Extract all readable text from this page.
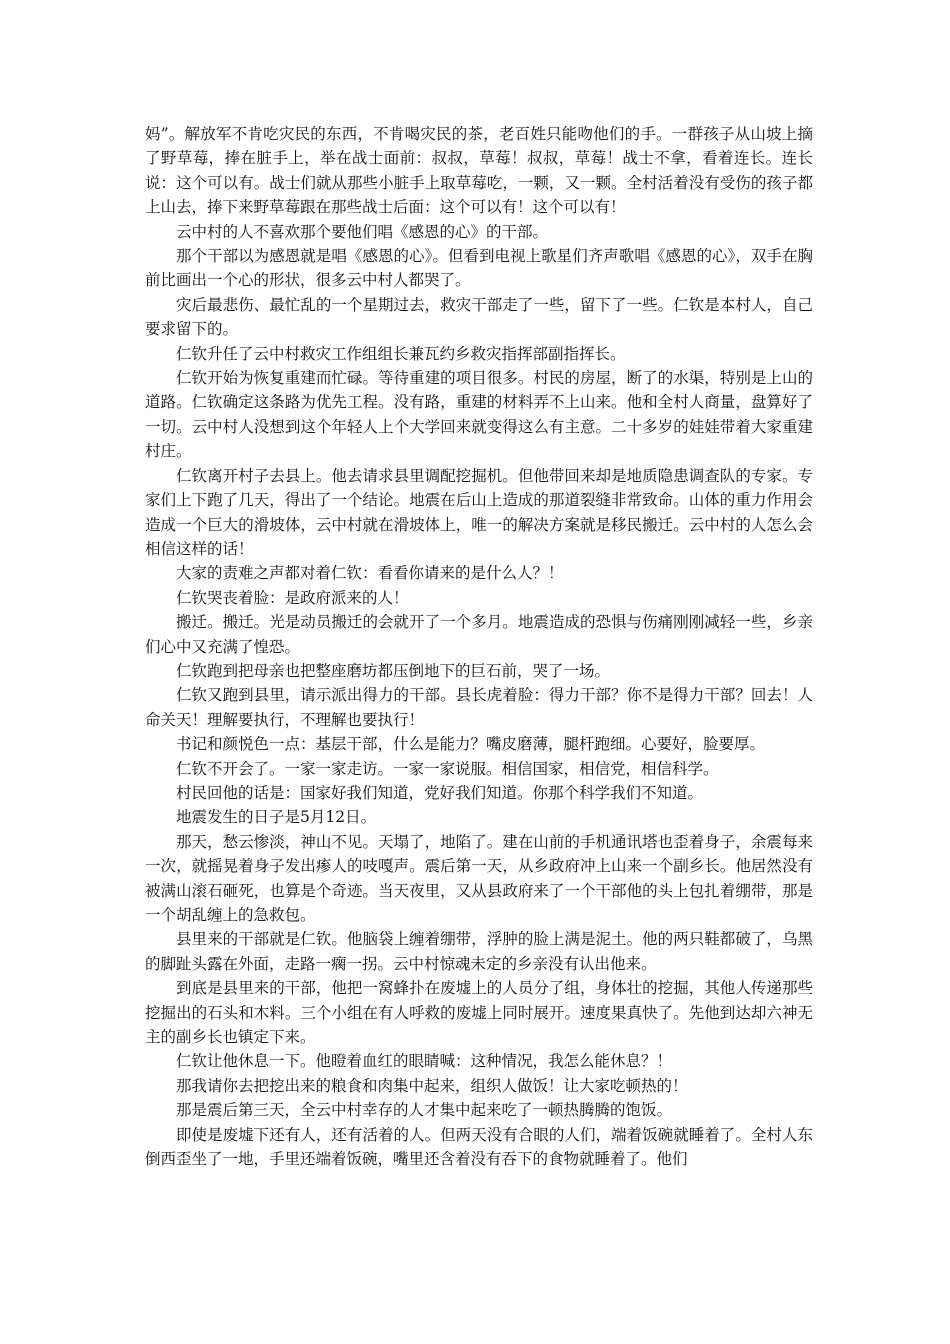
妈”。解放军不肯吃灾民的东西，不肯喝灾民的茶，老百姓只能吻他们的手。一群孩子从山坡上摘了野草莓，捧在脏手上，举在战士面前：叔叔，草莓！叔叔，草莓！战士不拿，看着连长。连长说：这个可以有。战士们就从那些小脏手上取草莓吃，一颗，又一颗。全村活着没有受伤的孩子都上山去，捧下来野草莓跟在那些战士后面：这个可以有！这个可以有！

云中村的人不喜欢那个要他们唱《感恩的心》的干部。

那个干部以为感恩就是唱《感恩的心》。但看到电视上歌星们齐声歌唱《感恩的心》，双手在胸前比画出一个心的形状，很多云中村人都哭了。

灾后最悲伤、最忙乱的一个星期过去，救灾干部走了一些，留下了一些。仁钦是本村人，自己要求留下的。

仁钦升任了云中村救灾工作组组长兼瓦约乡救灾指挥部副指挥长。

仁钦开始为恢复重建而忙碌。等待重建的项目很多。村民的房屋，断了的水渠，特别是上山的道路。仁钦确定这条路为优先工程。没有路，重建的材料弄不上山来。他和全村人商量，盘算好了一切。云中村人没想到这个年轻人上个大学回来就变得这么有主意。二十多岁的娃娃带着大家重建村庄。

仁钦离开村子去县上。他去请求县里调配挖掘机。但他带回来却是地质隐患调查队的专家。专家们上下跑了几天，得出了一个结论。地震在后山上造成的那道裂缝非常致命。山体的重力作用会造成一个巨大的滑坡体，云中村就在滑坡体上，唯一的解决方案就是移民搬迁。云中村的人怎么会相信这样的话！

大家的责难之声都对着仁钦：看看你请来的是什么人？！

仁钦哭丧着脸：是政府派来的人！

搬迁。搬迁。光是动员搬迁的会就开了一个多月。地震造成的恐惧与伤痛刚刚减轻一些，乡亲们心中又充满了惶恐。

仁钦跑到把母亲也把整座磨坊都压倒地下的巨石前，哭了一场。

仁钦又跑到县里，请示派出得力的干部。县长虎着脸：得力干部？你不是得力干部？回去！人命关天！理解要执行，不理解也要执行！

书记和颜悦色一点：基层干部，什么是能力？嘴皮磨薄，腿杆跑细。心要好，脸要厚。

仁钦不开会了。一家一家走访。一家一家说服。相信国家，相信党，相信科学。

村民回他的话是：国家好我们知道，党好我们知道。你那个科学我们不知道。

地震发生的日子是5月12日。

那天，愁云惨淡，神山不见。天塌了，地陷了。建在山前的手机通讯塔也歪着身子，余震每来一次，就摇晃着身子发出瘆人的吱嘎声。震后第一天，从乡政府冲上山来一个副乡长。他居然没有被满山滚石砸死，也算是个奇迹。当天夜里，又从县政府来了一个干部他的头上包扎着绷带，那是一个胡乱缠上的急救包。

县里来的干部就是仁钦。他脑袋上缠着绷带，浮肿的脸上满是泥土。他的两只鞋都破了，乌黑的脚趾头露在外面，走路一瘸一拐。云中村惊魂未定的乡亲没有认出他来。

到底是县里来的干部，他把一窝蜂扑在废墟上的人员分了组，身体壮的挖掘，其他人传递那些挖掘出的石头和木料。三个小组在有人呼救的废墟上同时展开。速度果真快了。先他到达却六神无主的副乡长也镇定下来。

仁钦让他休息一下。他瞪着血红的眼睛喊：这种情况，我怎么能休息？！

那我请你去把挖出来的粮食和肉集中起来，组织人做饭！让大家吃顿热的！

那是震后第三天，全云中村幸存的人才集中起来吃了一顿热腾腾的饱饭。

即使是废墟下还有人，还有活着的人。但两天没有合眼的人们，端着饭碗就睡着了。全村人东倒西歪坐了一地，手里还端着饭碗，嘴里还含着没有吞下的食物就睡着了。他们
